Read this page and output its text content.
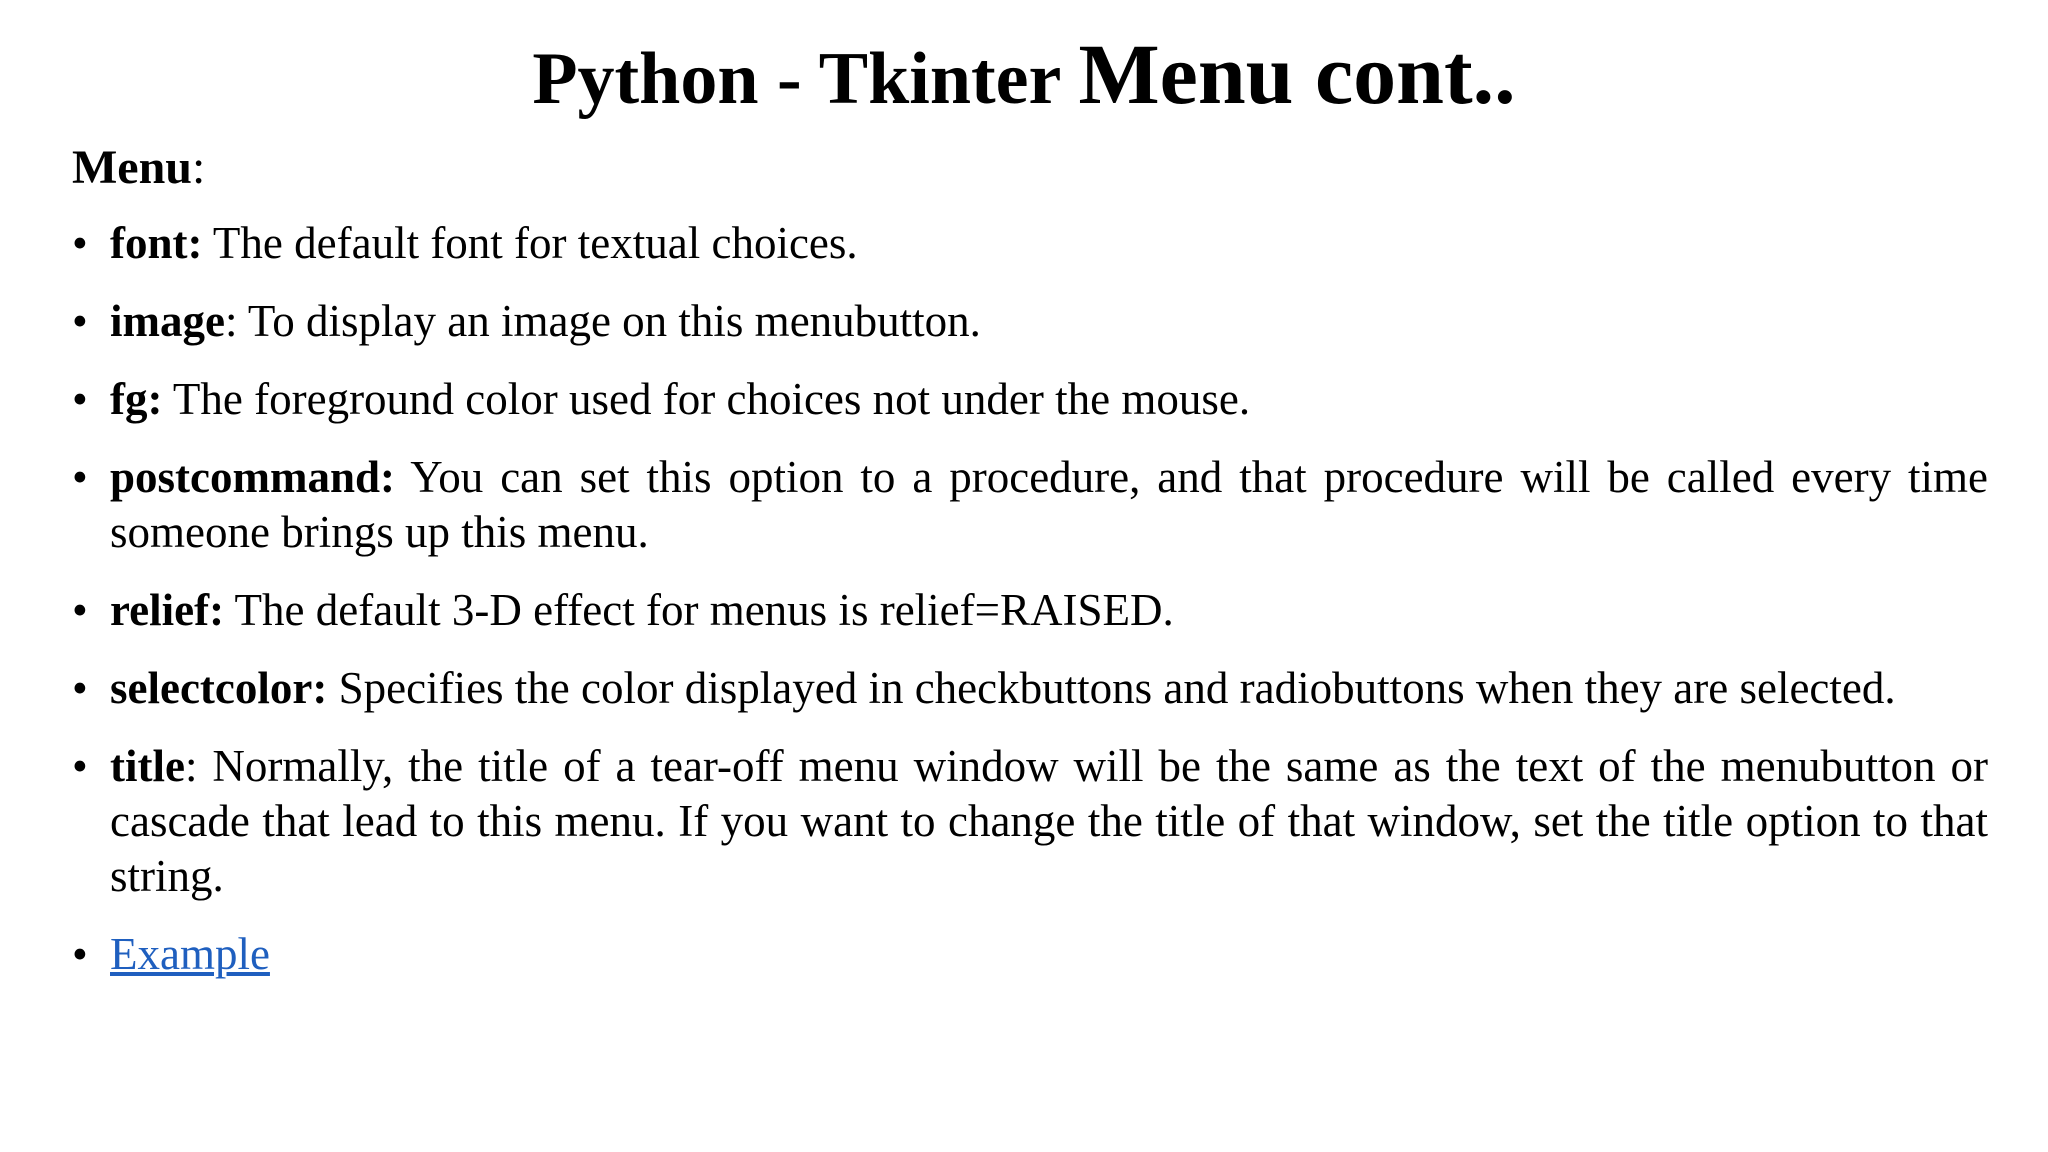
Python - Tkinter Menu cont..
Menu:
• font: The default font for textual choices.
• image: To display an image on this menubutton.
• fg: The foreground color used for choices not under the mouse.
• postcommand: You can set this option to a procedure, and that procedure will be called every time someone brings up this menu.
• relief: The default 3-D effect for menus is relief=RAISED.
• selectcolor: Specifies the color displayed in checkbuttons and radiobuttons when they are selected.
• title: Normally, the title of a tear-off menu window will be the same as the text of the menubutton or cascade that lead to this menu. If you want to change the title of that window, set the title option to that string.
• Example
